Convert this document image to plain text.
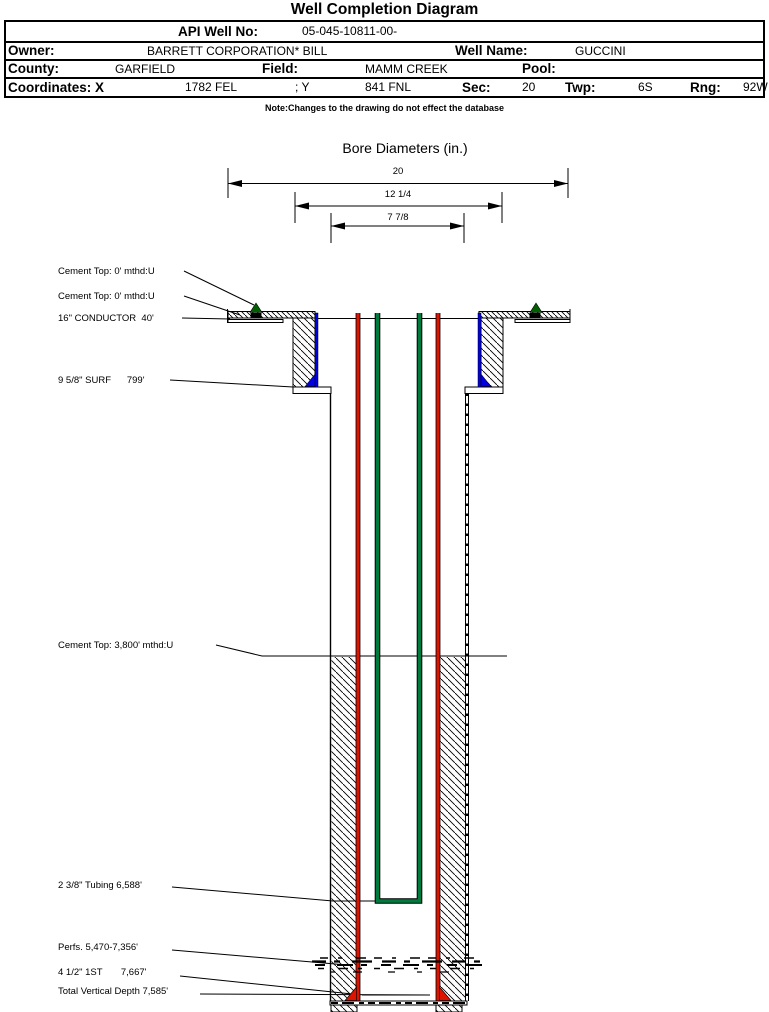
Well Completion Diagram
API Well No:	05-045-10811-00-
Owner:	BARRETT CORPORATION* BILL	Well Name:	GUCCINI
County:	GARFIELD	Field:	MAMM CREEK	Pool:
Coordinates: X	1782 FEL	; Y	841 FNL	Sec:	20 Twp:	6S	Rng: 92W
Note:Changes to the drawing do not effect the database
Bore Diameters (in.)
20
12 1/4
7 7/8
Cement Top: 0' mthd:U
Cement Top: 0' mthd:U
16" CONDUCTOR  40'
9 5/8" SURF      799'
Cement Top: 3,800' mthd:U
2 3/8" Tubing 6,588'
Perfs. 5,470-7,356'
4 1/2" 1ST       7,667'
Total Vertical Depth 7,585'
